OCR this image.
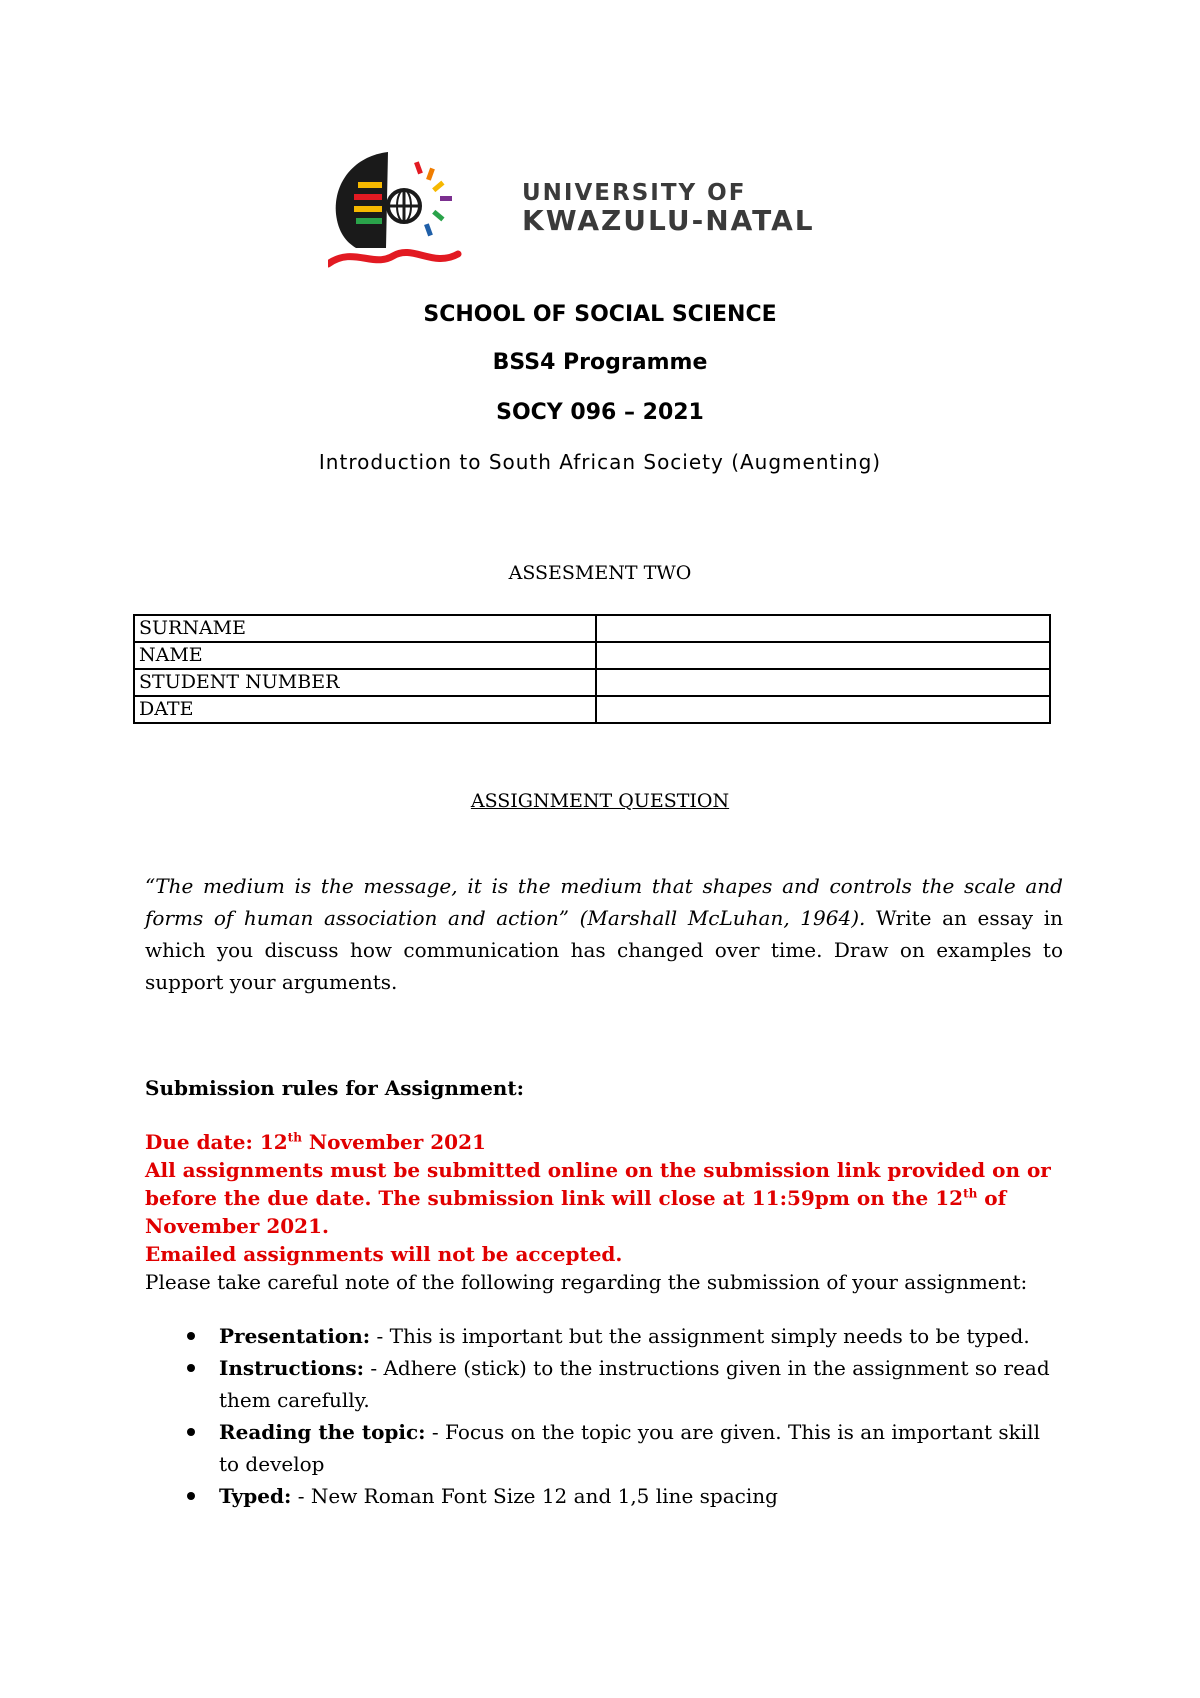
UNIVERSITY OF
KWAZULU-NATAL
SCHOOL OF SOCIAL SCIENCE
BSS4 Programme
SOCY 096 – 2021
Introduction to South African Society (Augmenting)
ASSESMENT TWO
SURNAME	
NAME	
STUDENT NUMBER	
DATE	
ASSIGNMENT QUESTION
“The medium is the message, it is the medium that shapes and controls the scale and forms of human association and action” (Marshall McLuhan, 1964). Write an essay in which you discuss how communication has changed over time. Draw on examples to support your arguments.
Submission rules for Assignment:
Due date: 12th November 2021
All assignments must be submitted online on the submission link provided on or before the due date. The submission link will close at 11:59pm on the 12th of November 2021.
Emailed assignments will not be accepted.
Please take careful note of the following regarding the submission of your assignment:
Presentation: - This is important but the assignment simply needs to be typed.
Instructions: - Adhere (stick) to the instructions given in the assignment so read them carefully.
Reading the topic: - Focus on the topic you are given. This is an important skill to develop
Typed: - New Roman Font Size 12 and 1,5 line spacing
